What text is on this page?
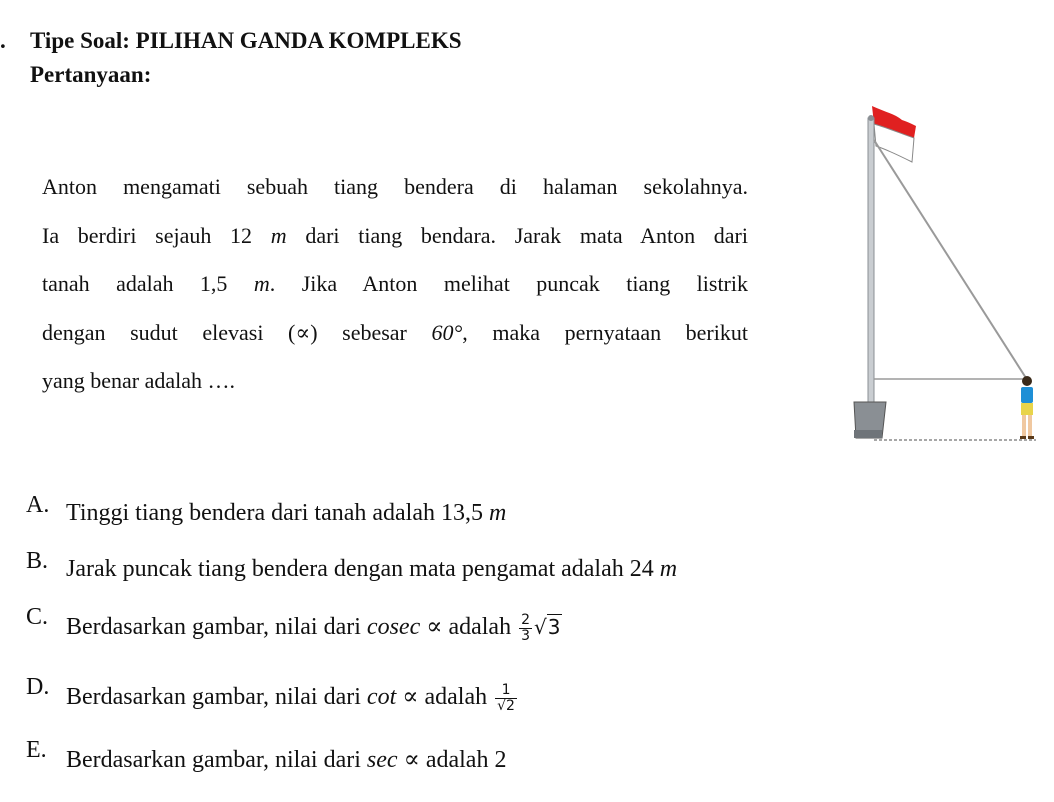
. Tipe Soal: PILIHAN GANDA KOMPLEKS
Pertanyaan:
Anton mengamati sebuah tiang bendera di halaman sekolahnya.
Ia berdiri sejauh 12 m dari tiang bendara. Jarak mata Anton dari
tanah adalah 1,5 m. Jika Anton melihat puncak tiang listrik
dengan sudut elevasi (∝) sebesar 60°, maka pernyataan berikut
yang benar adalah ….
A. Tinggi tiang bendera dari tanah adalah 13,5 m
B. Jarak puncak tiang bendera dengan mata pengamat adalah 24 m
C. Berdasarkan gambar, nilai dari cosec ∝ adalah $\frac{2}{3} √3$
D. Berdasarkan gambar, nilai dari cot ∝ adalah $\frac{1}{√2}$
E. Berdasarkan gambar, nilai dari sec ∝ adalah 2
